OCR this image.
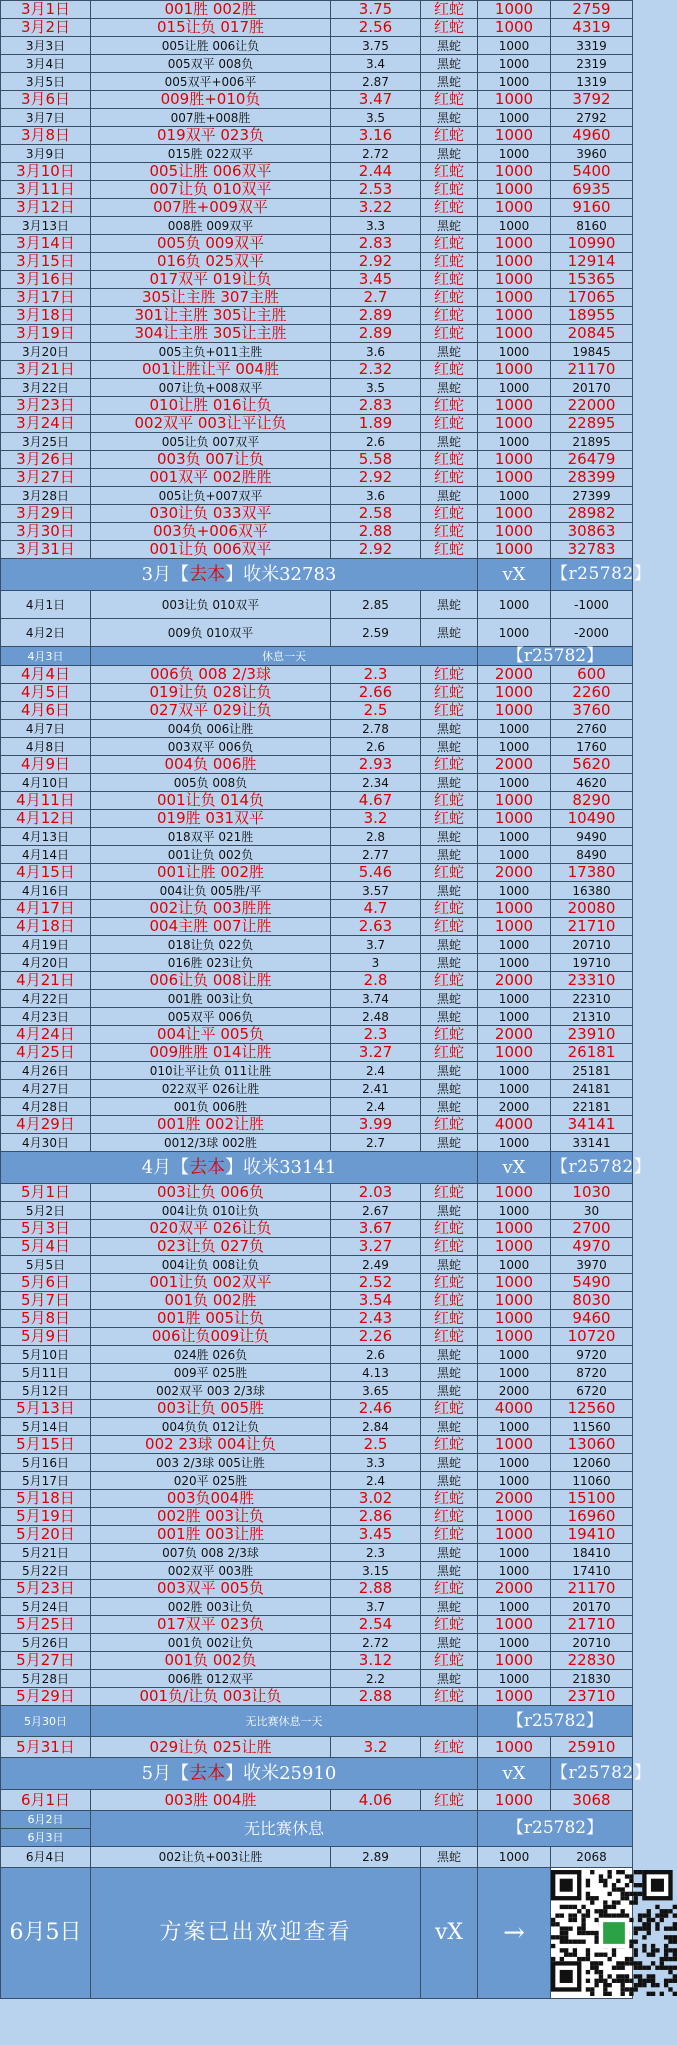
3月1日	001胜 002胜	3.75	红蛇	1000	2759
3月2日	015让负 017胜	2.56	红蛇	1000	4319
3月3日	005让胜 006让负	3.75	黑蛇	1000	3319
3月4日	005双平 008负	3.4	黑蛇	1000	2319
3月5日	005双平+006平	2.87	黑蛇	1000	1319
3月6日	009胜+010负	3.47	红蛇	1000	3792
3月7日	007胜+008胜	3.5	黑蛇	1000	2792
3月8日	019双平 023负	3.16	红蛇	1000	4960
3月9日	015胜 022双平	2.72	黑蛇	1000	3960
3月10日	005让胜 006双平	2.44	红蛇	1000	5400
3月11日	007让负 010双平	2.53	红蛇	1000	6935
3月12日	007胜+009双平	3.22	红蛇	1000	9160
3月13日	008胜 009双平	3.3	黑蛇	1000	8160
3月14日	005负 009双平	2.83	红蛇	1000	10990
3月15日	016负 025双平	2.92	红蛇	1000	12914
3月16日	017双平 019让负	3.45	红蛇	1000	15365
3月17日	305让主胜 307主胜	2.7	红蛇	1000	17065
3月18日	301让主胜 305让主胜	2.89	红蛇	1000	18955
3月19日	304让主胜 305让主胜	2.89	红蛇	1000	20845
3月20日	005主负+011主胜	3.6	黑蛇	1000	19845
3月21日	001让胜让平 004胜	2.32	红蛇	1000	21170
3月22日	007让负+008双平	3.5	黑蛇	1000	20170
3月23日	010让胜 016让负	2.83	红蛇	1000	22000
3月24日	002双平 003让平让负	1.89	红蛇	1000	22895
3月25日	005让负 007双平	2.6	黑蛇	1000	21895
3月26日	003负 007让负	5.58	红蛇	1000	26479
3月27日	001双平 002胜胜	2.92	红蛇	1000	28399
3月28日	005让负+007双平	3.6	黑蛇	1000	27399
3月29日	030让负 033双平	2.58	红蛇	1000	28982
3月30日	003负+006双平	2.88	红蛇	1000	30863
3月31日	001让负 006双平	2.92	红蛇	1000	32783
3月【去本】收米32783				vX	【r25782】
4月1日	003让负 010双平	2.85	黑蛇	1000	-1000
4月2日	009负 010双平	2.59	黑蛇	1000	-2000
4月3日	休息一天			【r25782】	
4月4日	006负 008 2/3球	2.3	红蛇	2000	600
4月5日	019让负 028让负	2.66	红蛇	1000	2260
4月6日	027双平 029让负	2.5	红蛇	1000	3760
4月7日	004负 006让胜	2.78	黑蛇	1000	2760
4月8日	003双平 006负	2.6	黑蛇	1000	1760
4月9日	004负 006胜	2.93	红蛇	2000	5620
4月10日	005负 008负	2.34	黑蛇	1000	4620
4月11日	001让负 014负	4.67	红蛇	1000	8290
4月12日	019胜 031双平	3.2	红蛇	1000	10490
4月13日	018双平 021胜	2.8	黑蛇	1000	9490
4月14日	001让负 002负	2.77	黑蛇	1000	8490
4月15日	001让胜 002胜	5.46	红蛇	2000	17380
4月16日	004让负 005胜/平	3.57	黑蛇	1000	16380
4月17日	002让负 003胜胜	4.7	红蛇	1000	20080
4月18日	004主胜 007让胜	2.63	红蛇	1000	21710
4月19日	018让负 022负	3.7	黑蛇	1000	20710
4月20日	016胜 023让负	3	黑蛇	1000	19710
4月21日	006让负 008让胜	2.8	红蛇	2000	23310
4月22日	001胜 003让负	3.74	黑蛇	1000	22310
4月23日	005双平 006负	2.48	黑蛇	1000	21310
4月24日	004让平 005负	2.3	红蛇	2000	23910
4月25日	009胜胜 014让胜	3.27	红蛇	1000	26181
4月26日	010让平让负 011让胜	2.4	黑蛇	1000	25181
4月27日	022双平 026让胜	2.41	黑蛇	1000	24181
4月28日	001负 006胜	2.4	黑蛇	2000	22181
4月29日	001胜 002让胜	3.99	红蛇	4000	34141
4月30日	0012/3球 002胜	2.7	黑蛇	1000	33141
4月【去本】收米33141				vX	【r25782】
5月1日	003让负 006负	2.03	红蛇	1000	1030
5月2日	004让负 010让负	2.67	黑蛇	1000	30
5月3日	020双平 026让负	3.67	红蛇	1000	2700
5月4日	023让负 027负	3.27	红蛇	1000	4970
5月5日	004让负 008让负	2.49	黑蛇	1000	3970
5月6日	001让负 002双平	2.52	红蛇	1000	5490
5月7日	001负 002胜	3.54	红蛇	1000	8030
5月8日	001胜 005让负	2.43	红蛇	1000	9460
5月9日	006让负009让负	2.26	红蛇	1000	10720
5月10日	024胜 026负	2.6	黑蛇	1000	9720
5月11日	009平 025胜	4.13	黑蛇	1000	8720
5月12日	002双平 003 2/3球	3.65	黑蛇	2000	6720
5月13日	003让负 005胜	2.46	红蛇	4000	12560
5月14日	004负负 012让负	2.84	黑蛇	1000	11560
5月15日	002 23球 004让负	2.5	红蛇	1000	13060
5月16日	003 2/3球 005让胜	3.3	黑蛇	1000	12060
5月17日	020平 025胜	2.4	黑蛇	1000	11060
5月18日	003负004胜	3.02	红蛇	2000	15100
5月19日	002胜 003让负	2.86	红蛇	1000	16960
5月20日	001胜 003让胜	3.45	红蛇	1000	19410
5月21日	007负 008 2/3球	2.3	黑蛇	1000	18410
5月22日	002双平 003胜	3.15	黑蛇	1000	17410
5月23日	003双平 005负	2.88	红蛇	2000	21170
5月24日	002胜 003让负	3.7	黑蛇	1000	20170
5月25日	017双平 023负	2.54	红蛇	1000	21710
5月26日	001负 002让负	2.72	黑蛇	1000	20710
5月27日	001负 002负	3.12	红蛇	1000	22830
5月28日	006胜 012双平	2.2	黑蛇	1000	21830
5月29日	001负/让负 003让负	2.88	红蛇	1000	23710
5月30日	无比赛休息一天			【r25782】	
5月31日	029让负 025让胜	3.2	红蛇	1000	25910
5月【去本】收米25910				vX	【r25782】
6月1日	003胜 004胜	4.06	红蛇	1000	3068
6月2日	无比赛休息			【r25782】	
6月3日					
6月4日	002让负+003让胜	2.89	黑蛇	1000	2068
6月5日	方案已出欢迎查看		vX	→	
